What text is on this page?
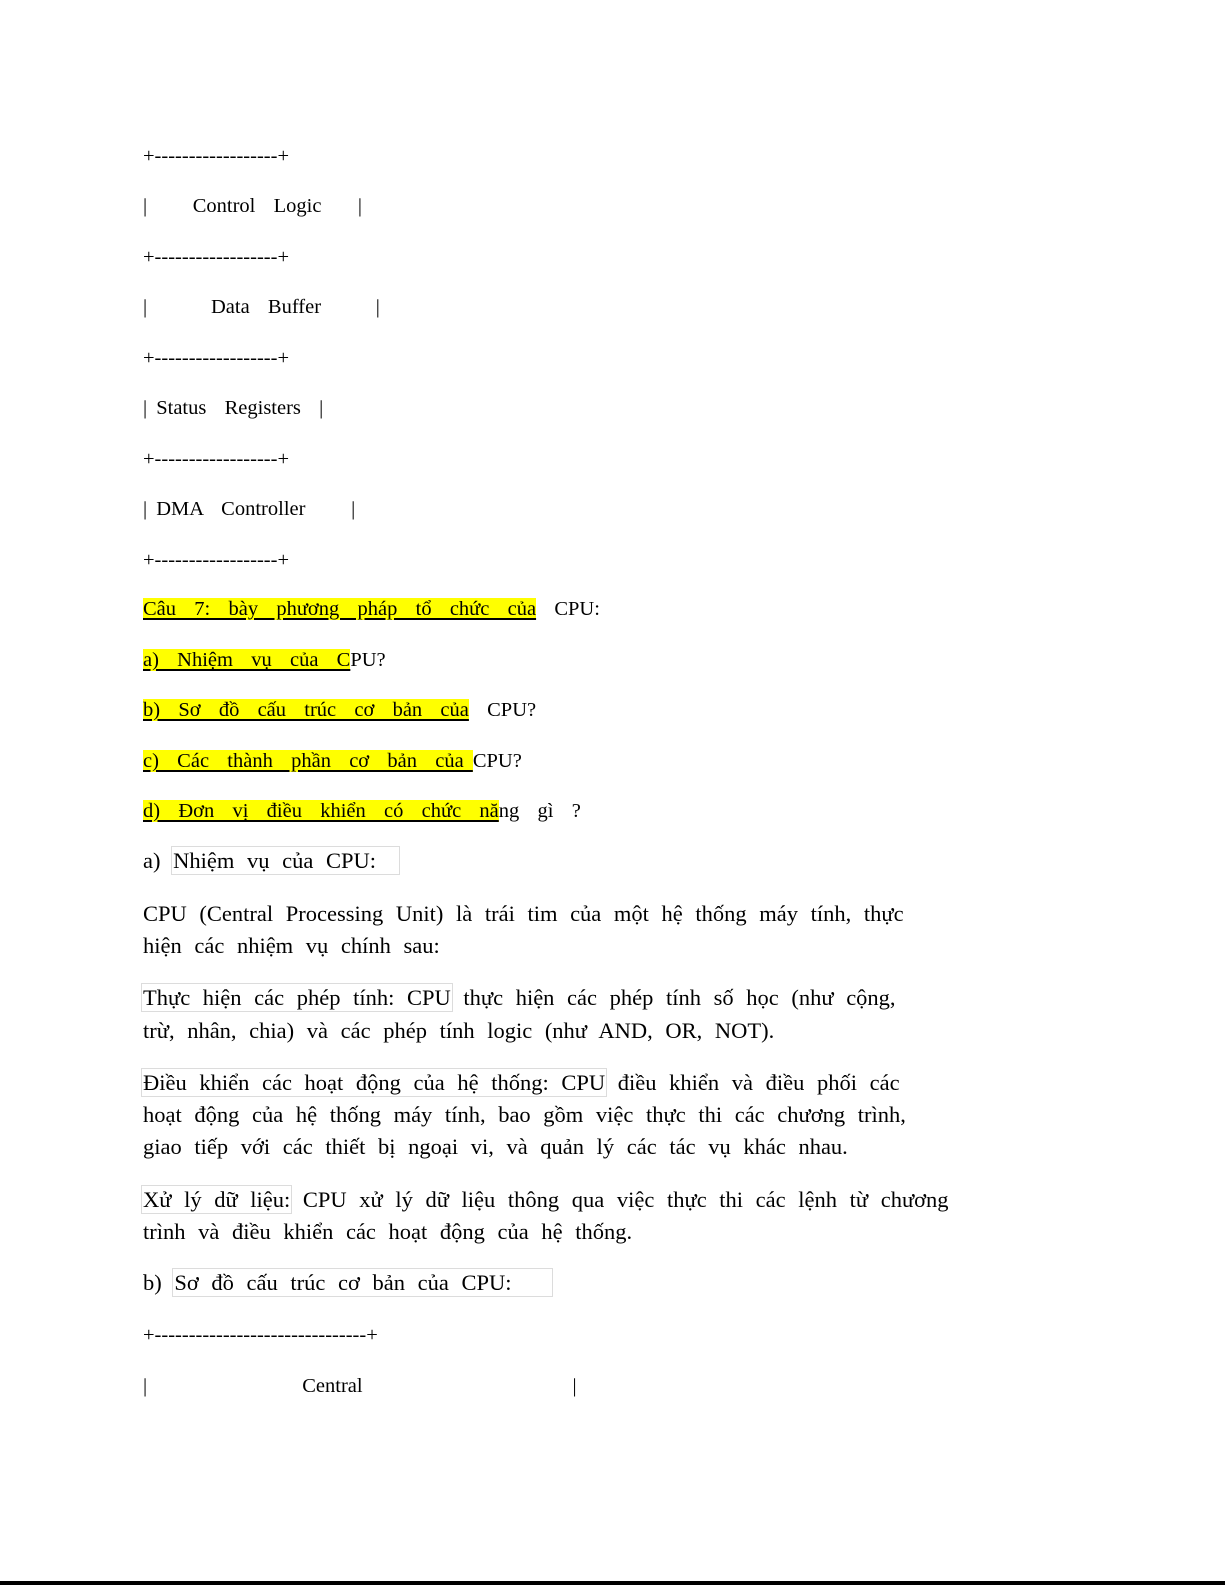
+------------------+
|     Control  Logic    |
+------------------+
|       Data  Buffer      |
+------------------+
| Status  Registers  |
+------------------+
| DMA  Controller     |
+------------------+
Câu  7:  bày  phương  pháp  tổ  chức  của  CPU:
a)  Nhiệm  vụ  của  CPU?
b)  Sơ  đồ  cấu  trúc  cơ  bản  của  CPU?
c)  Các  thành  phần  cơ  bản  của CPU?
d)  Đơn  vị  điều  khiển  có  chức  năng  gì  ?
a) Nhiệm vụ của CPU:
CPU (Central Processing Unit) là trái tim của một hệ thống máy tính, thực
hiện các nhiệm vụ chính sau:
Thực hiện các phép tính: CPU thực hiện các phép tính số học (như cộng,
trừ, nhân, chia) và các phép tính logic (như AND, OR, NOT).
Điều khiển các hoạt động của hệ thống: CPU điều khiển và điều phối các
hoạt động của hệ thống máy tính, bao gồm việc thực thi các chương trình,
giao tiếp với các thiết bị ngoại vi, và quản lý các tác vụ khác nhau.
Xử lý dữ liệu: CPU xử lý dữ liệu thông qua việc thực thi các lệnh từ chương
trình và điều khiển các hoạt động của hệ thống.
b) Sơ đồ cấu trúc cơ bản của CPU:
+-------------------------------+
|                 Central                       |
